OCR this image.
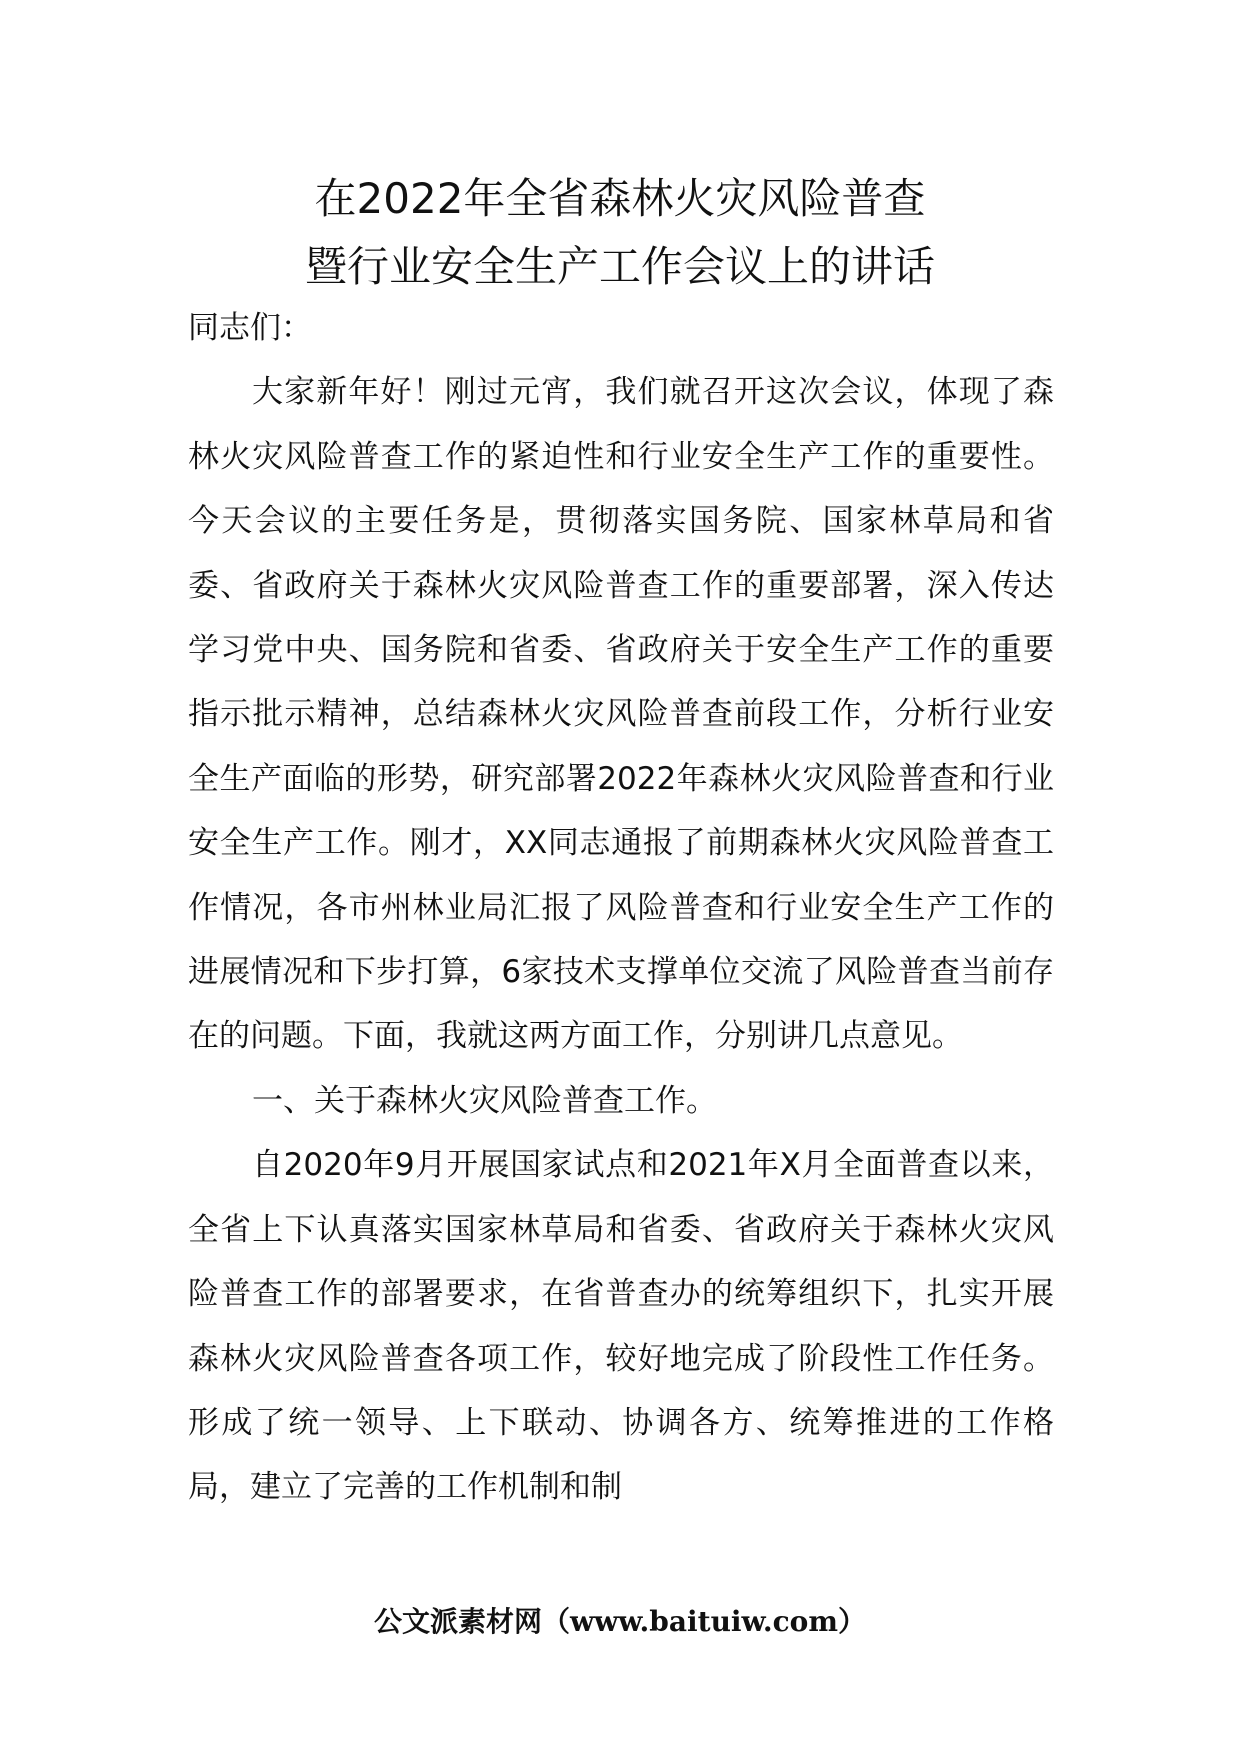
在2022年全省森林火灾风险普查
暨行业安全生产工作会议上的讲话

同志们：

大家新年好！刚过元宵，我们就召开这次会议，体现了森林火灾风险普查工作的紧迫性和行业安全生产工作的重要性。今天会议的主要任务是，贯彻落实国务院、国家林草局和省委、省政府关于森林火灾风险普查工作的重要部署，深入传达学习党中央、国务院和省委、省政府关于安全生产工作的重要指示批示精神，总结森林火灾风险普查前段工作，分析行业安全生产面临的形势，研究部署2022年森林火灾风险普查和行业安全生产工作。刚才，XX同志通报了前期森林火灾风险普查工作情况，各市州林业局汇报了风险普查和行业安全生产工作的进展情况和下步打算，6家技术支撑单位交流了风险普查当前存在的问题。下面，我就这两方面工作，分别讲几点意见。

一、关于森林火灾风险普查工作。

自2020年9月开展国家试点和2021年X月全面普查以来，全省上下认真落实国家林草局和省委、省政府关于森林火灾风险普查工作的部署要求，在省普查办的统筹组织下，扎实开展森林火灾风险普查各项工作，较好地完成了阶段性工作任务。形成了统一领导、上下联动、协调各方、统筹推进的工作格局，建立了完善的工作机制和制

公文派素材网（www.baituiw.com）
